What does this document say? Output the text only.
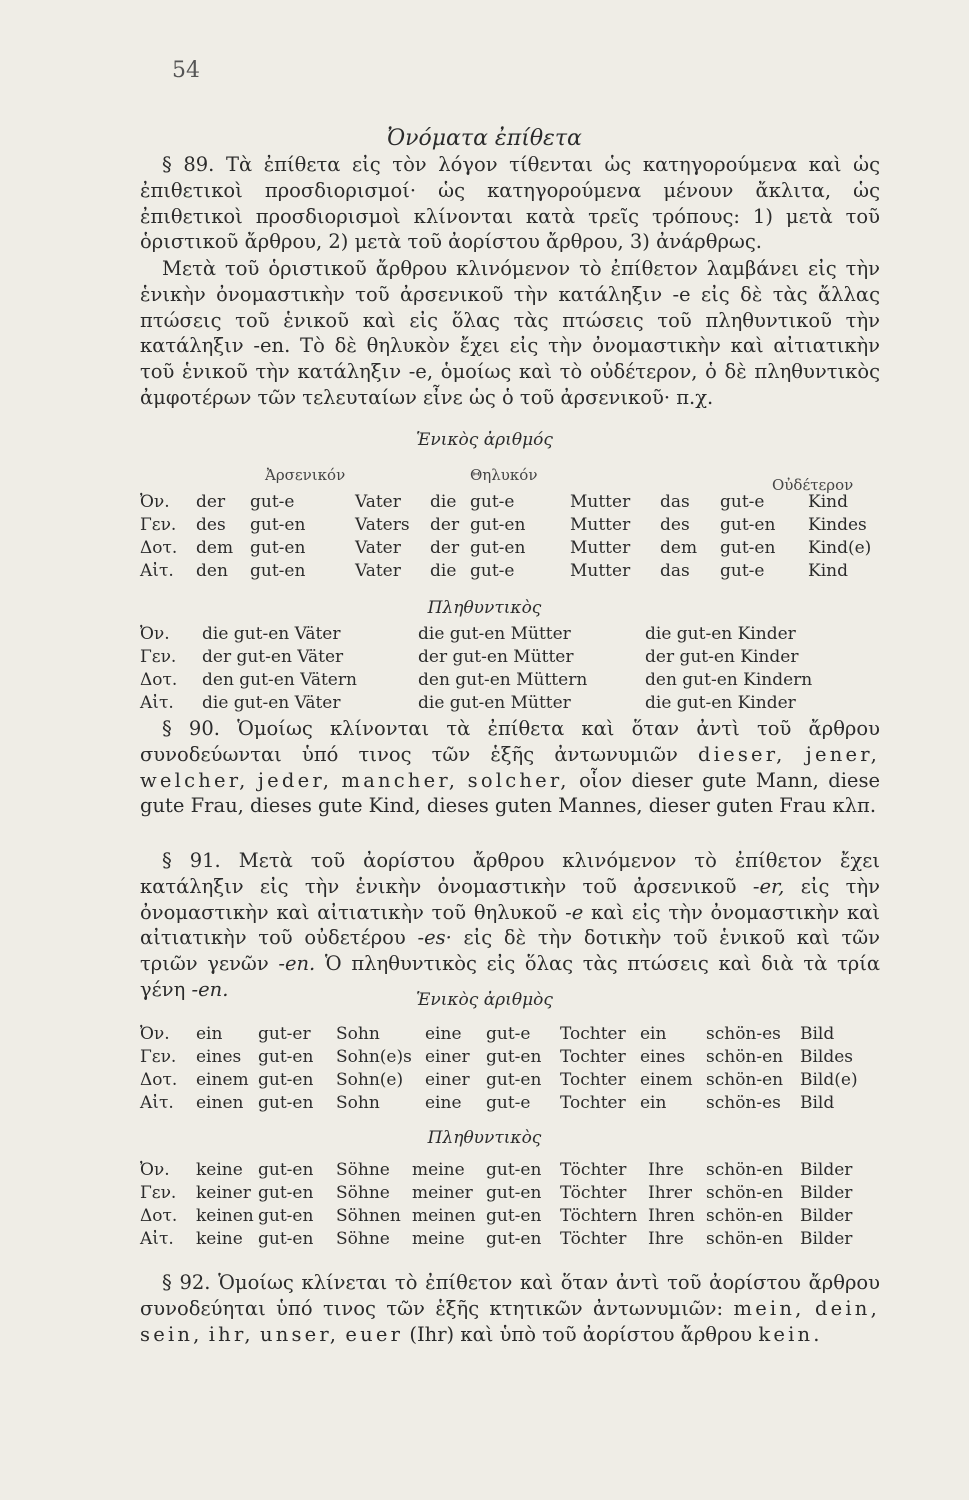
54
Ὀνόματα ἐπίθετα

§ 89. Τὰ ἐπίθετα εἰς τὸν λόγον τίθενται ὡς κατηγορούμενα καὶ ὡς ἐπιθετικοὶ προσδιορισμοί· ὡς κατηγορούμενα μένουν ἄκλιτα, ὡς ἐπιθετικοὶ προσδιορισμοὶ κλίνονται κατὰ τρεῖς τρόπους: 1) μετὰ τοῦ ὁριστικοῦ ἄρθρου, 2) μετὰ τοῦ ἀορίστου ἄρθρου, 3) ἀνάρθρως.

Μετὰ τοῦ ὁριστικοῦ ἄρθρου κλινόμενον τὸ ἐπίθετον λαμβάνει εἰς τὴν ἑνικὴν ὀνομαστικὴν τοῦ ἀρσενικοῦ τὴν κατάληξιν -e εἰς δὲ τὰς ἄλλας πτώσεις τοῦ ἑνικοῦ καὶ εἰς ὅλας τὰς πτώσεις τοῦ πληθυντικοῦ τὴν κατάληξιν -en. Τὸ δὲ θηλυκὸν ἔχει εἰς τὴν ὀνομαστικὴν καὶ αἰτιατικὴν τοῦ ἑνικοῦ τὴν κατάληξιν -e, ὁμοίως καὶ τὸ οὐδέτερον, ὁ δὲ πληθυντικὸς ἀμφοτέρων τῶν τελευταίων εἶνε ὡς ὁ τοῦ ἀρσενικοῦ· π.χ.

Ἑνικὸς ἀριθμός
Ἀρσενικόν	Θηλυκόν
Οὐδέτερον
Ὀν. der gut-e	Vater die gut-e	Mutter das gut-e	Kind
Γεν. des gut-en	Vaters der gut-en	Mutter des gut-en Kindes
Δοτ. dem gut-en	Vater der gut-en	Mutter dem gut-en Kind(e)
Αἰτ. den gut-en	Vater die gut-e	Mutter das gut-e	Kind
Πληθυντικὸς
Ὀν. die gut-en Väter	die gut-en Mütter	die gut-en Kinder
Γεν. der gut-en Väter	der gut-en Mütter	der gut-en Kinder
Δοτ. den gut-en Vätern	den gut-en Müttern	den gut-en Kindern
Αἰτ. die gut-en Väter	die gut-en Mütter	die gut-en Kinder

§ 90. Ὁμοίως κλίνονται τὰ ἐπίθετα καὶ ὅταν ἀντὶ τοῦ ἄρθρου συνοδεύωνται ὑπό τινος τῶν ἑξῆς ἀντωνυμιῶν dieser, jener, welcher, jeder, mancher, solcher, οἷον dieser gute Mann, diese gute Frau, dieses gute Kind, dieses guten Mannes, dieser guten Frau κλπ.

§ 91. Μετὰ τοῦ ἀορίστου ἄρθρου κλινόμενον τὸ ἐπίθετον ἔχει κατάληξιν εἰς τὴν ἑνικὴν ὀνομαστικὴν τοῦ ἀρσενικοῦ -er, εἰς τὴν ὀνομαστικὴν καὶ αἰτιατικὴν τοῦ θηλυκοῦ -e καὶ εἰς τὴν ὀνομαστικὴν καὶ αἰτιατικὴν τοῦ οὐδετέρου -es· εἰς δὲ τὴν δοτικὴν τοῦ ἑνικοῦ καὶ τῶν τριῶν γενῶν -en. Ὁ πληθυντικὸς εἰς ὅλας τὰς πτώσεις καὶ διὰ τὰ τρία γένη -en.	Ἑνικὸς ἀριθμὸς
Ὀν. ein gut-er Sohn	eine gut-e Tochter ein schön-es Bild
Γεν. eines gut-en Sohn(e)s einer gut-en Tochter eines schön-en Bildes
Δοτ. einem gut-en Sohn(e) einer gut-en Tochter einem schön-en Bild(e)
Αἰτ. einen gut-en Sohn	eine gut-e Tochter ein schön-es Bild
Πληθυντικὸς
Ὀν. keine gut-en Söhne meine gut-en Töchter Ihre schön-en Bilder
Γεν. keiner gut-en Söhne meiner gut-en Töchter Ihrer schön-en Bilder
Δοτ. keinen gut-en Söhnen meinen gut-en Töchtern Ihren schön-en Bilder
Αἰτ. keine gut-en Söhne meine gut-en Töchter Ihre schön-en Bilder

§ 92. Ὁμοίως κλίνεται τὸ ἐπίθετον καὶ ὅταν ἀντὶ τοῦ ἀορίστου ἄρθρου συνοδεύηται ὑπό τινος τῶν ἑξῆς κτητικῶν ἀντωνυμιῶν: mein, dein, sein, ihr, unser, euer (Ihr) καὶ ὑπὸ τοῦ ἀορίστου ἄρθρου kein.
